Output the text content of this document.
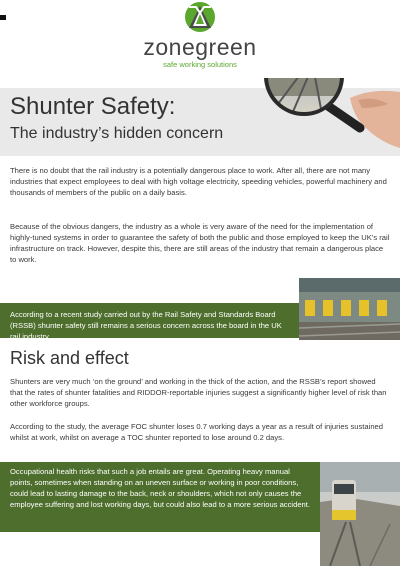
zonegreen
safe working solutions
Shunter Safety:
The industry’s hidden concern

There is no doubt that the rail industry is a potentially dangerous place to work. After all, there are not many industries that expect employees to deal with high voltage electricity, speeding vehicles, powerful machinery and thousands of members of the public on a daily basis.

Because of the obvious dangers, the industry as a whole is very aware of the need for the implementation of highly-tuned systems in order to guarantee the safety of both the public and those employed to keep the UK’s rail infrastructure on track. However, despite this, there are still areas of the industry that remain a dangerous place to work.

According to a recent study carried out by the Rail Safety and Standards Board (RSSB) shunter safety still remains a serious concern across the board in the UK rail industry.

Risk and effect

Shunters are very much ‘on the ground’ and working in the thick of the action, and the RSSB’s report showed that the rates of shunter fatalities and RIDDOR-reportable injuries suggest a significantly higher level of risk than other workforce groups.

According to the study, the average FOC shunter loses 0.7 working days a year as a result of injuries sustained whilst at work, whilst on average a TOC shunter reported to lose around 0.2 days.

Occupational health risks that such a job entails are great. Operating heavy manual points, sometimes when standing on an uneven surface or working in poor conditions, could lead to lasting damage to the back, neck or shoulders, which not only causes the employee suffering and lost working days, but could also lead to a more serious accident.
